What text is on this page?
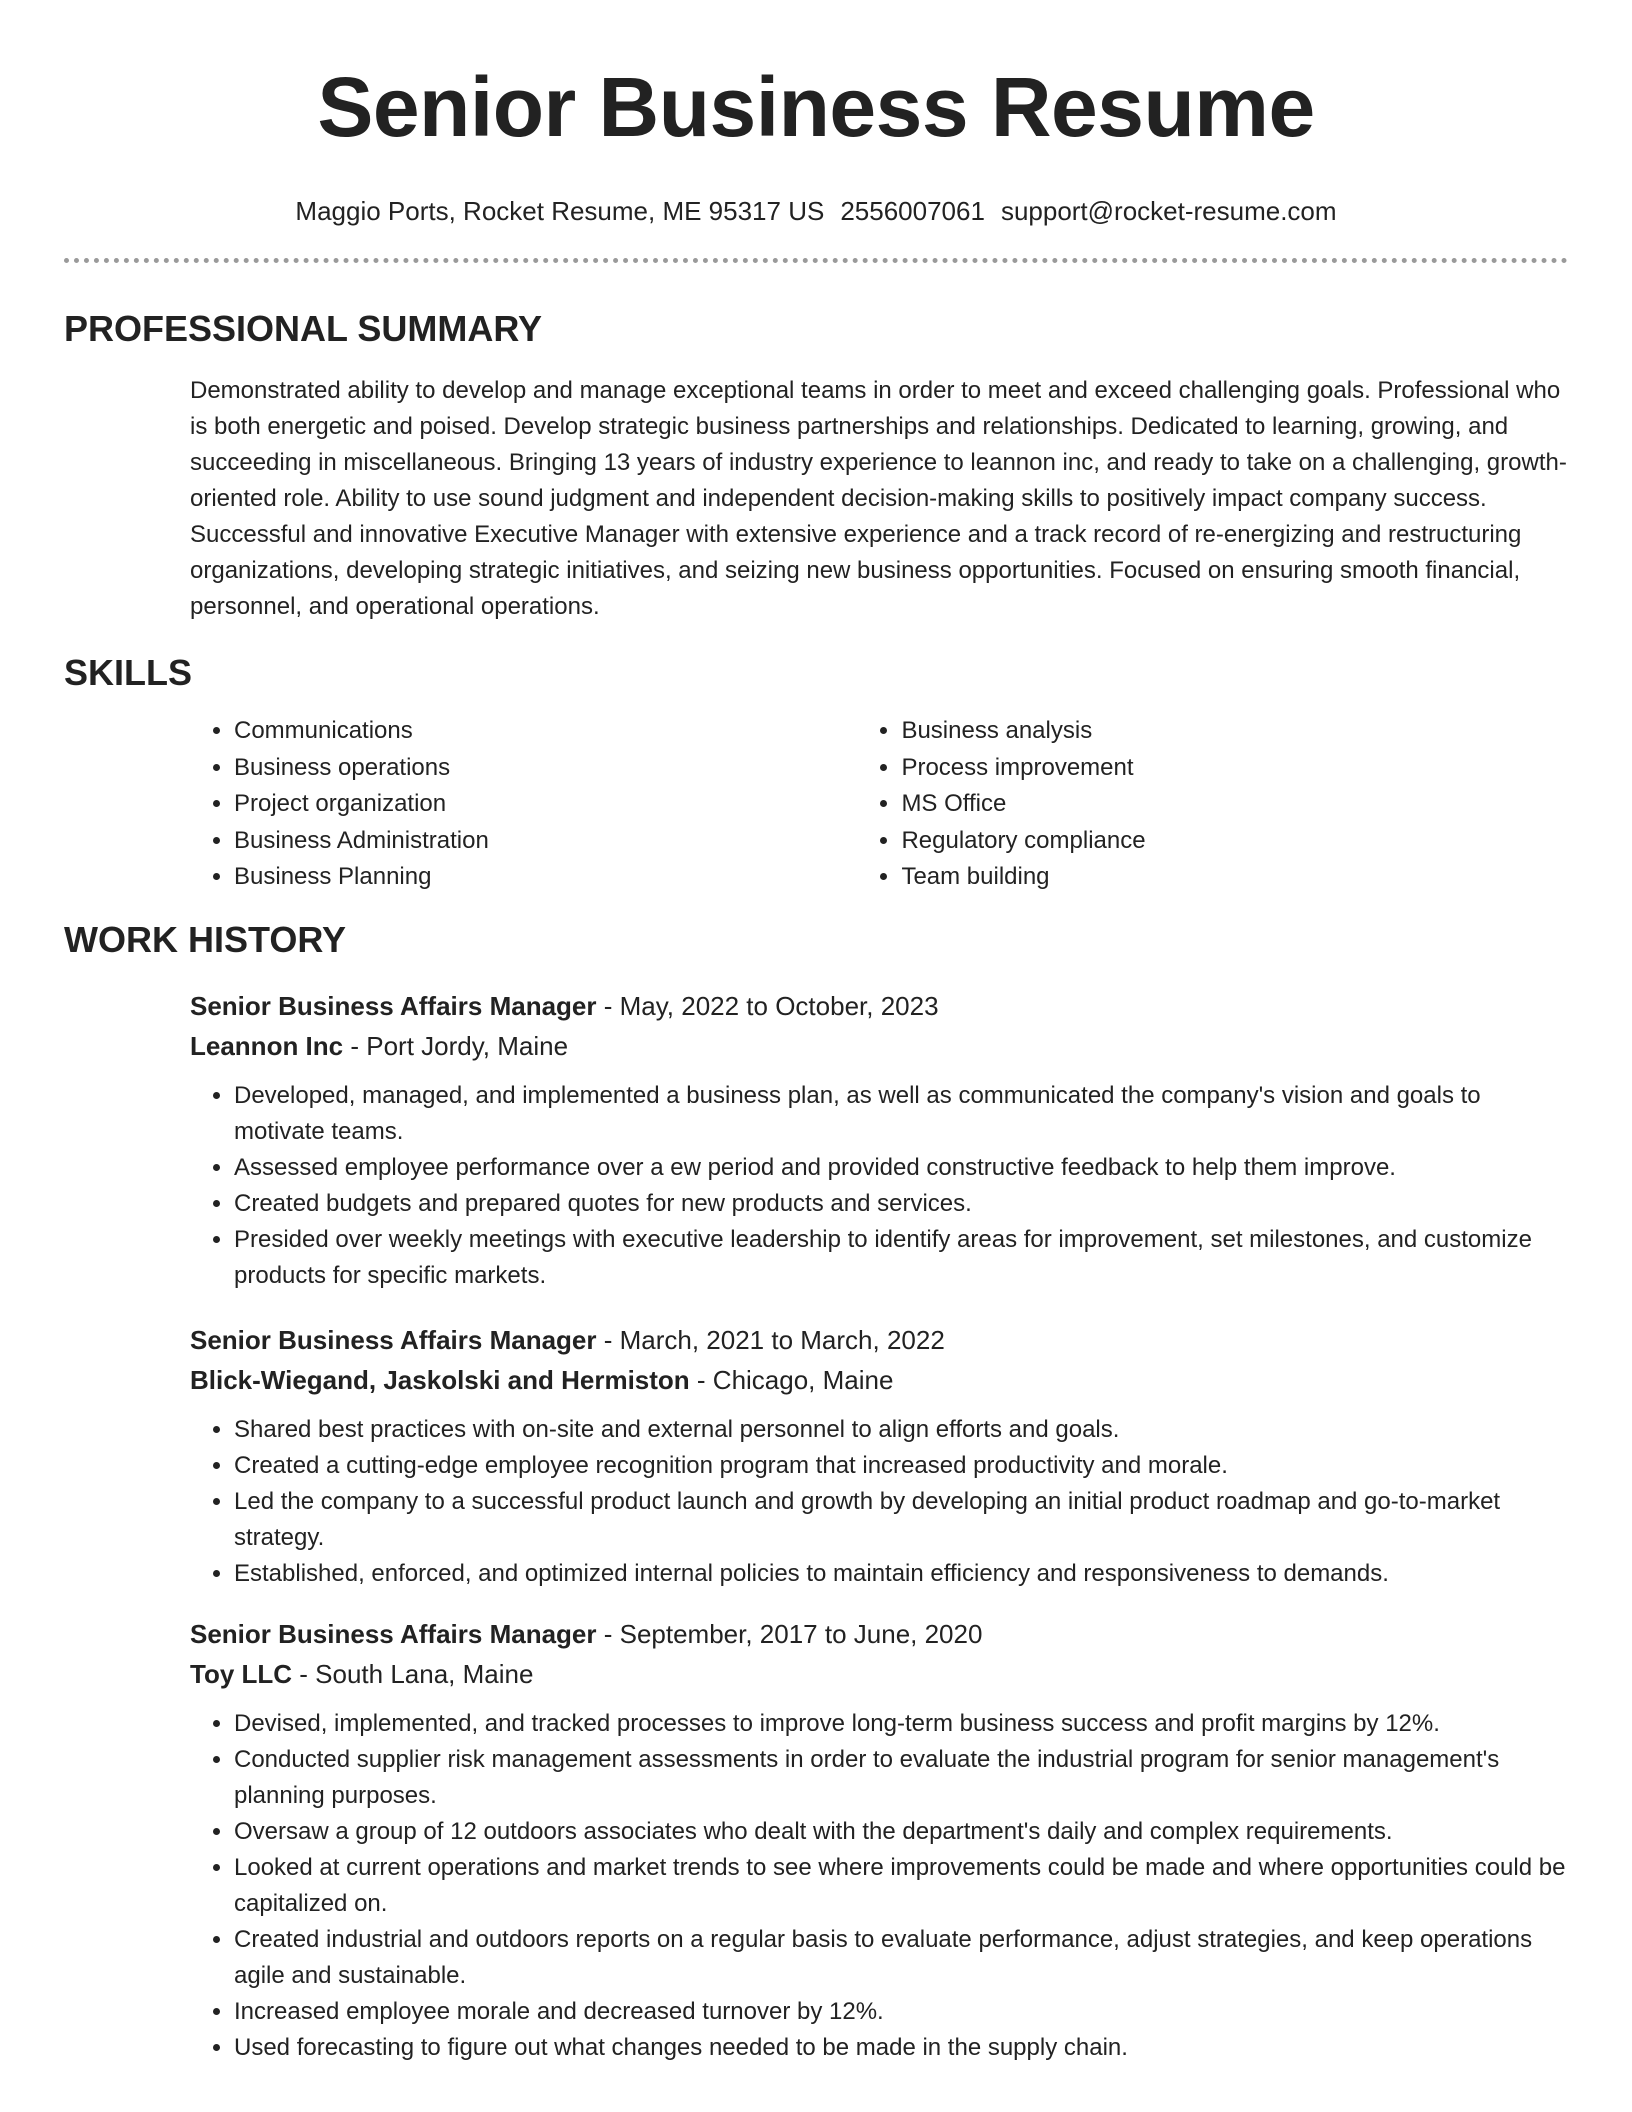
Senior Business Resume
Maggio Ports, Rocket Resume, ME 95317 US 2556007061 support@rocket-resume.com
PROFESSIONAL SUMMARY

Demonstrated ability to develop and manage exceptional teams in order to meet and exceed challenging goals. Professional who is both energetic and poised. Develop strategic business partnerships and relationships. Dedicated to learning, growing, and succeeding in miscellaneous. Bringing 13 years of industry experience to leannon inc, and ready to take on a challenging, growth-oriented role. Ability to use sound judgment and independent decision-making skills to positively impact company success. Successful and innovative Executive Manager with extensive experience and a track record of re-energizing and restructuring organizations, developing strategic initiatives, and seizing new business opportunities. Focused on ensuring smooth financial, personnel, and operational operations.

SKILLS
• Communications
• Business operations
• Project organization
• Business Administration
• Business Planning
• Business analysis
• Process improvement
• MS Office
• Regulatory compliance
• Team building
WORK HISTORY
Senior Business Affairs Manager - May, 2022 to October, 2023
Leannon Inc - Port Jordy, Maine
• Developed, managed, and implemented a business plan, as well as communicated the company's vision and goals to motivate teams.
• Assessed employee performance over a ew period and provided constructive feedback to help them improve.
• Created budgets and prepared quotes for new products and services.
• Presided over weekly meetings with executive leadership to identify areas for improvement, set milestones, and customize products for specific markets.
Senior Business Affairs Manager - March, 2021 to March, 2022
Blick-Wiegand, Jaskolski and Hermiston - Chicago, Maine
• Shared best practices with on-site and external personnel to align efforts and goals.
• Created a cutting-edge employee recognition program that increased productivity and morale.
• Led the company to a successful product launch and growth by developing an initial product roadmap and go-to-market strategy.
• Established, enforced, and optimized internal policies to maintain efficiency and responsiveness to demands.
Senior Business Affairs Manager - September, 2017 to June, 2020
Toy LLC - South Lana, Maine
• Devised, implemented, and tracked processes to improve long-term business success and profit margins by 12%.
• Conducted supplier risk management assessments in order to evaluate the industrial program for senior management's planning purposes.
• Oversaw a group of 12 outdoors associates who dealt with the department's daily and complex requirements.
• Looked at current operations and market trends to see where improvements could be made and where opportunities could be capitalized on.
• Created industrial and outdoors reports on a regular basis to evaluate performance, adjust strategies, and keep operations agile and sustainable.
• Increased employee morale and decreased turnover by 12%.
• Used forecasting to figure out what changes needed to be made in the supply chain.
